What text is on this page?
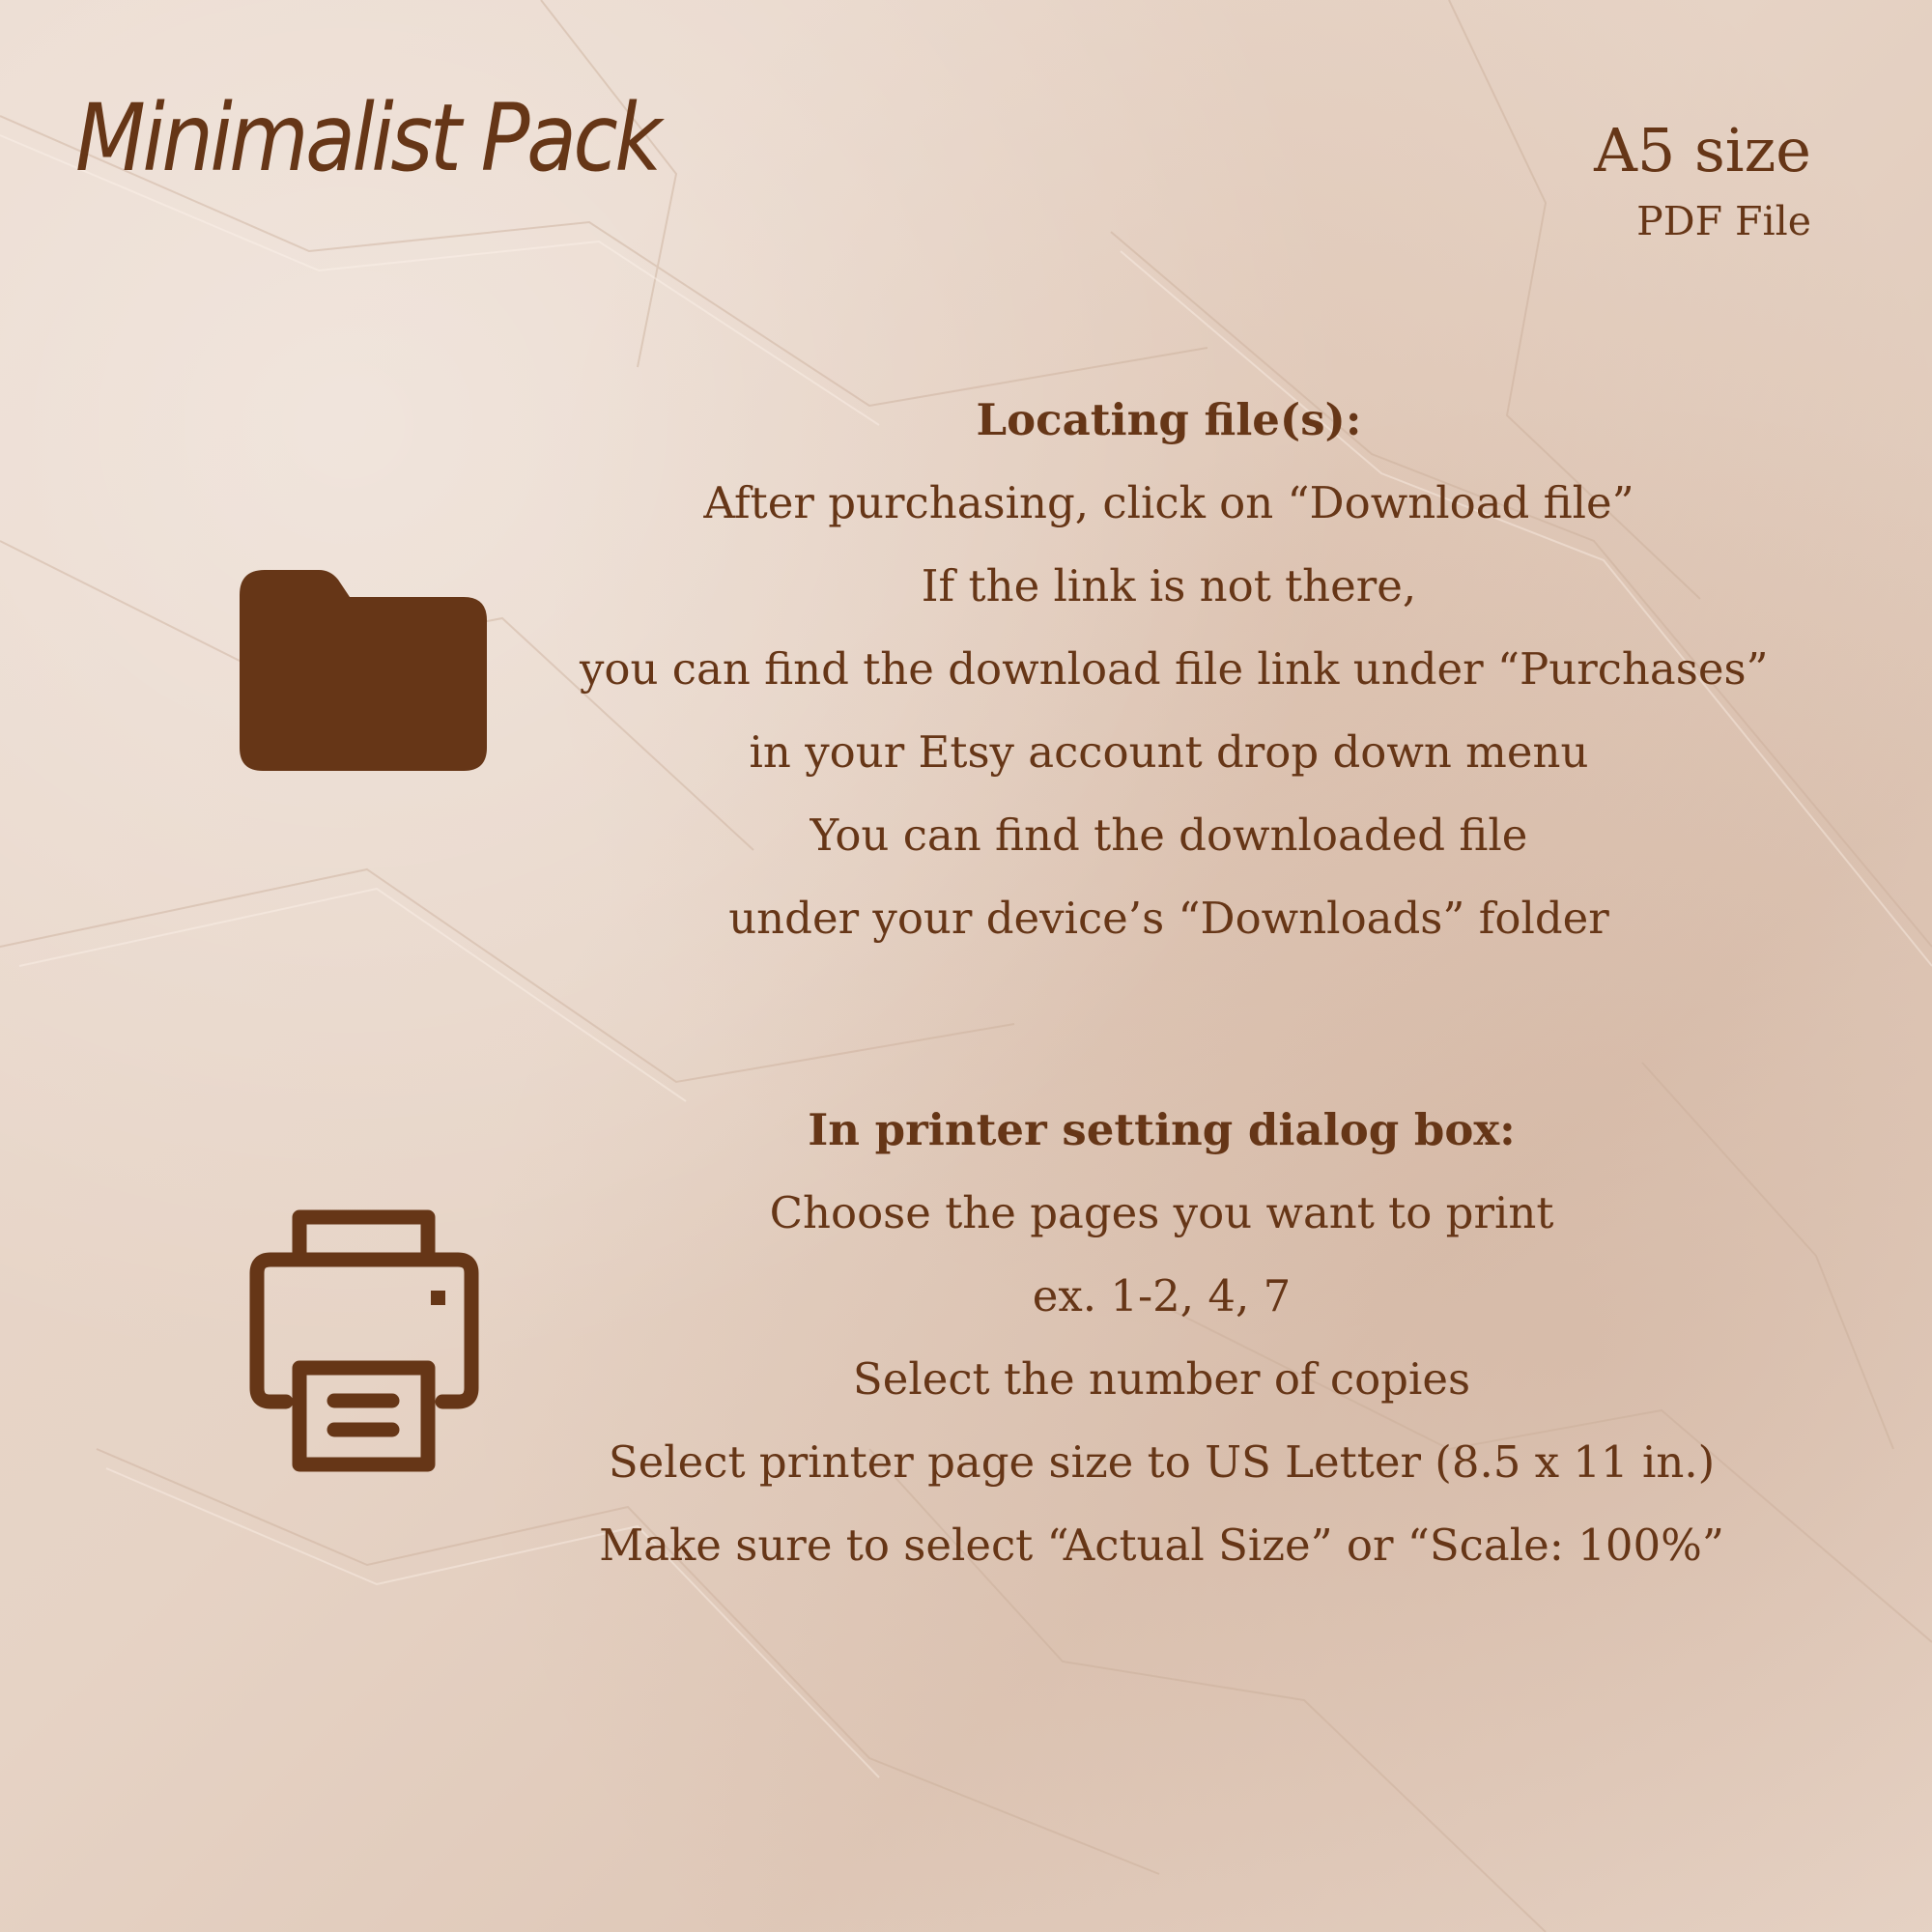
Minimalist Pack	A5 size
PDF File
Locating file(s):
After purchasing, click on “Download file”
If the link is not there,
you can find the download file link under “Purchases”
in your Etsy account drop down menu
You can find the downloaded file
under your device’s “Downloads” folder
In printer setting dialog box:
Choose the pages you want to print
ex. 1-2, 4, 7
Select the number of copies
Select printer page size to US Letter (8.5 x 11 in.)
Make sure to select “Actual Size” or “Scale: 100%”
